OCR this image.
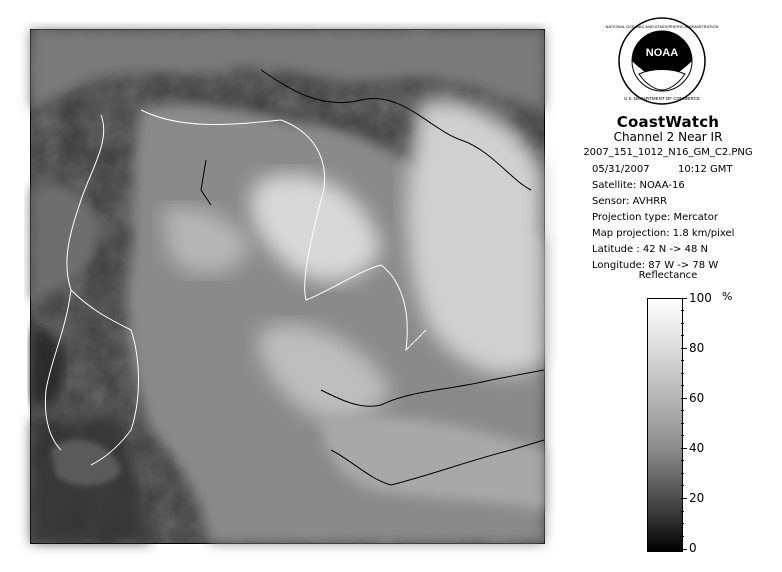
NOAA
NATIONAL OCEANIC AND ATMOSPHERIC ADMINISTRATION
U.S. DEPARTMENT OF COMMERCE
CoastWatch
Channel 2 Near IR
2007_151_1012_N16_GM_C2.PNG
05/31/2007	10:12 GMT
Satellite: NOAA-16
Sensor: AVHRR
Projection type: Mercator
Map projection: 1.8 km/pixel
Latitude : 42 N -> 48 N
Longitude: 87 W -> 78 W
Reflectance
%
100
80
60
40
20
0
